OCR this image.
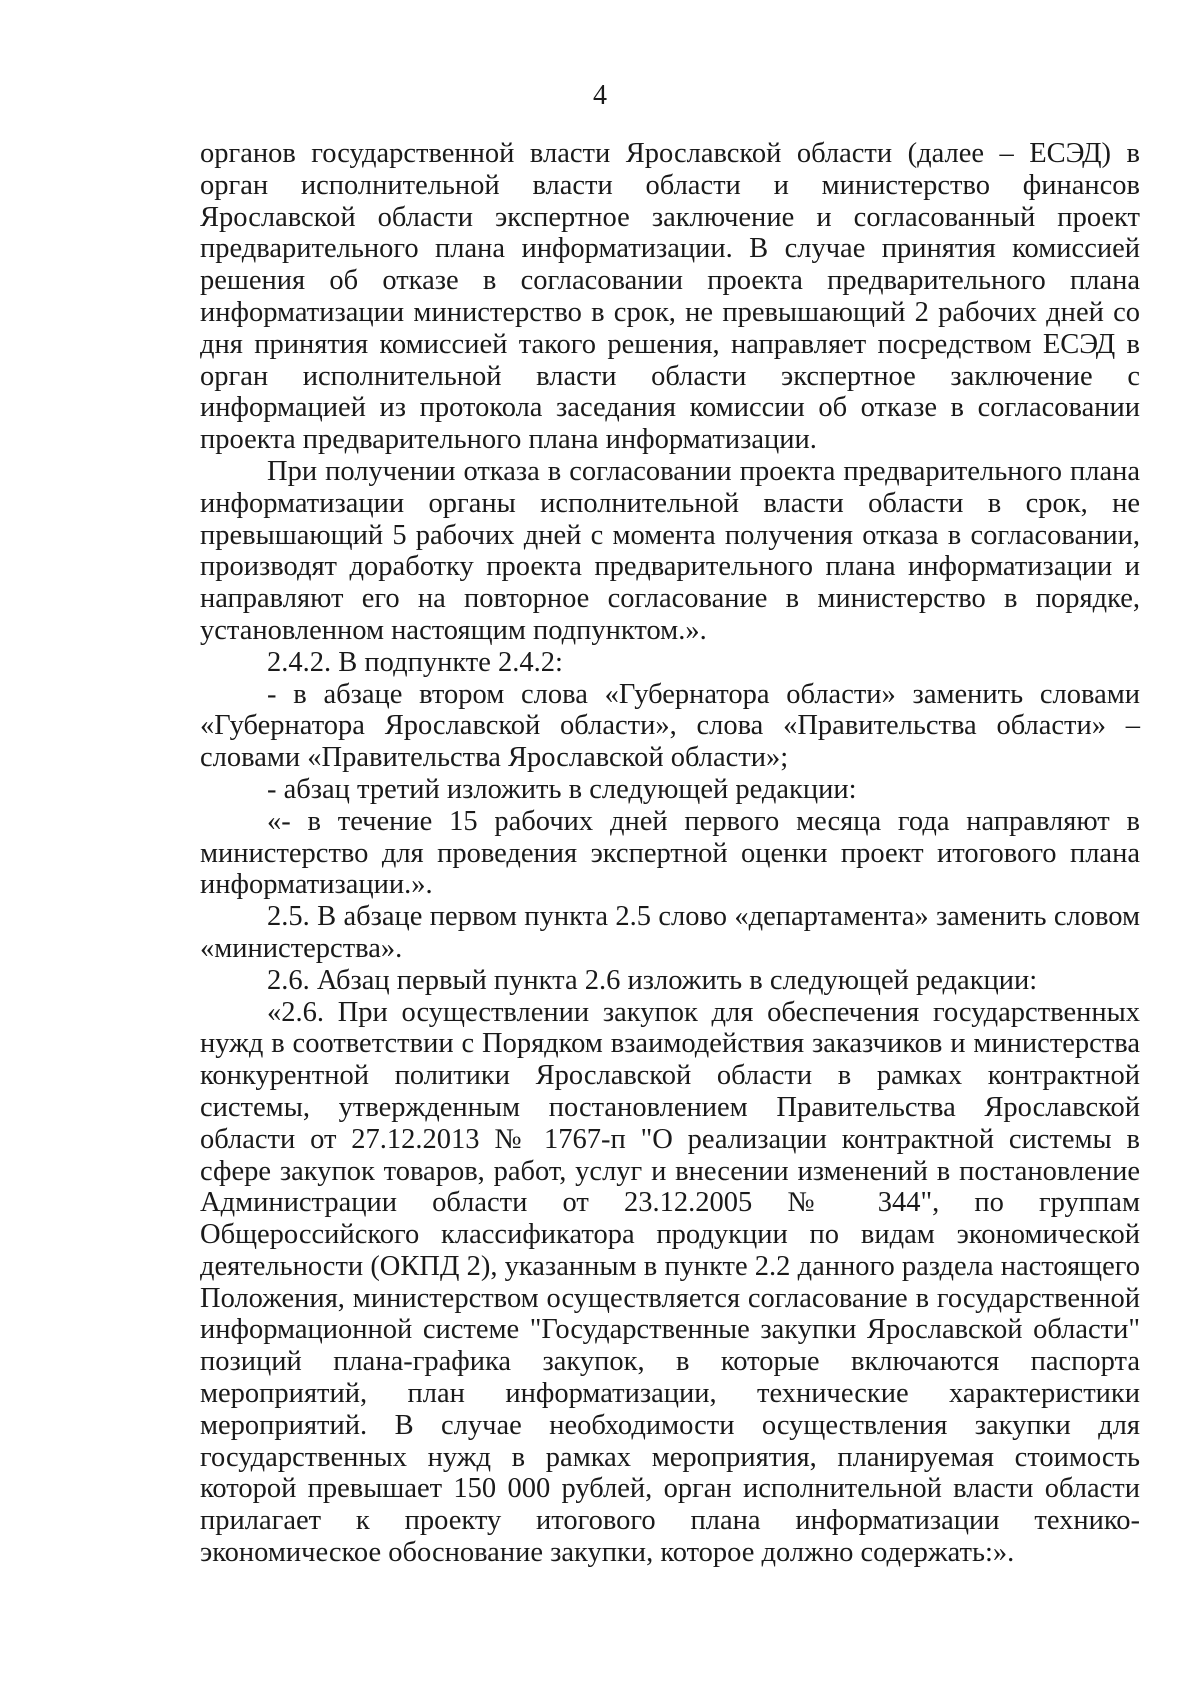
4

органов государственной власти Ярославской области (далее – ЕСЭД) в орган исполнительной власти области и министерство финансов Ярославской области экспертное заключение и согласованный проект предварительного плана информатизации. В случае принятия комиссией решения об отказе в согласовании проекта предварительного плана информатизации министерство в срок, не превышающий 2 рабочих дней со дня принятия комиссией такого решения, направляет посредством ЕСЭД в орган исполнительной власти области экспертное заключение с информацией из протокола заседания комиссии об отказе в согласовании проекта предварительного плана информатизации.

При получении отказа в согласовании проекта предварительного плана информатизации органы исполнительной власти области в срок, не превышающий 5 рабочих дней с момента получения отказа в согласовании, производят доработку проекта предварительного плана информатизации и направляют его на повторное согласование в министерство в порядке, установленном настоящим подпунктом.».

2.4.2. В подпункте 2.4.2:

- в абзаце втором слова «Губернатора области» заменить словами «Губернатора Ярославской области», слова «Правительства области» – словами «Правительства Ярославской области»;

- абзац третий изложить в следующей редакции:

«- в течение 15 рабочих дней первого месяца года направляют в министерство для проведения экспертной оценки проект итогового плана информатизации.».

2.5. В абзаце первом пункта 2.5 слово «департамента» заменить словом «министерства».

2.6. Абзац первый пункта 2.6 изложить в следующей редакции:

«2.6. При осуществлении закупок для обеспечения государственных нужд в соответствии с Порядком взаимодействия заказчиков и министерства конкурентной политики Ярославской области в рамках контрактной системы, утвержденным постановлением Правительства Ярославской области от 27.12.2013 № 1767-п "О реализации контрактной системы в сфере закупок товаров, работ, услуг и внесении изменений в постановление Администрации области от 23.12.2005 № 344", по группам Общероссийского классификатора продукции по видам экономической деятельности (ОКПД 2), указанным в пункте 2.2 данного раздела настоящего Положения, министерством осуществляется согласование в государственной информационной системе "Государственные закупки Ярославской области" позиций плана-графика закупок, в которые включаются паспорта мероприятий, план информатизации, технические характеристики мероприятий. В случае необходимости осуществления закупки для государственных нужд в рамках мероприятия, планируемая стоимость которой превышает 150 000 рублей, орган исполнительной власти области прилагает к проекту итогового плана информатизации технико-экономическое обоснование закупки, которое должно содержать:».
